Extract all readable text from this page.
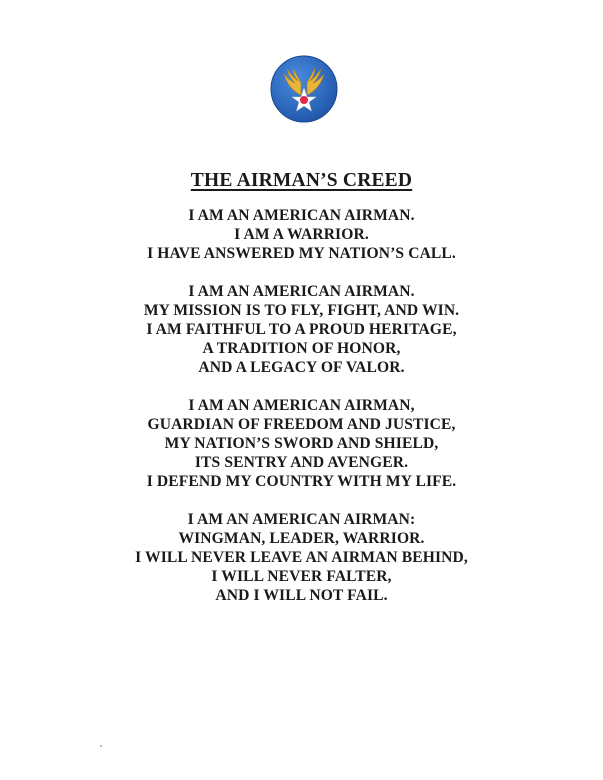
THE AIRMAN’S CREED
I AM AN AMERICAN AIRMAN.
I AM A WARRIOR.
I HAVE ANSWERED MY NATION’S CALL.
I AM AN AMERICAN AIRMAN.
MY MISSION IS TO FLY, FIGHT, AND WIN.
I AM FAITHFUL TO A PROUD HERITAGE,
A TRADITION OF HONOR,
AND A LEGACY OF VALOR.
I AM AN AMERICAN AIRMAN,
GUARDIAN OF FREEDOM AND JUSTICE,
MY NATION’S SWORD AND SHIELD,
ITS SENTRY AND AVENGER.
I DEFEND MY COUNTRY WITH MY LIFE.
I AM AN AMERICAN AIRMAN:
WINGMAN, LEADER, WARRIOR.
I WILL NEVER LEAVE AN AIRMAN BEHIND,
I WILL NEVER FALTER,
AND I WILL NOT FAIL.
